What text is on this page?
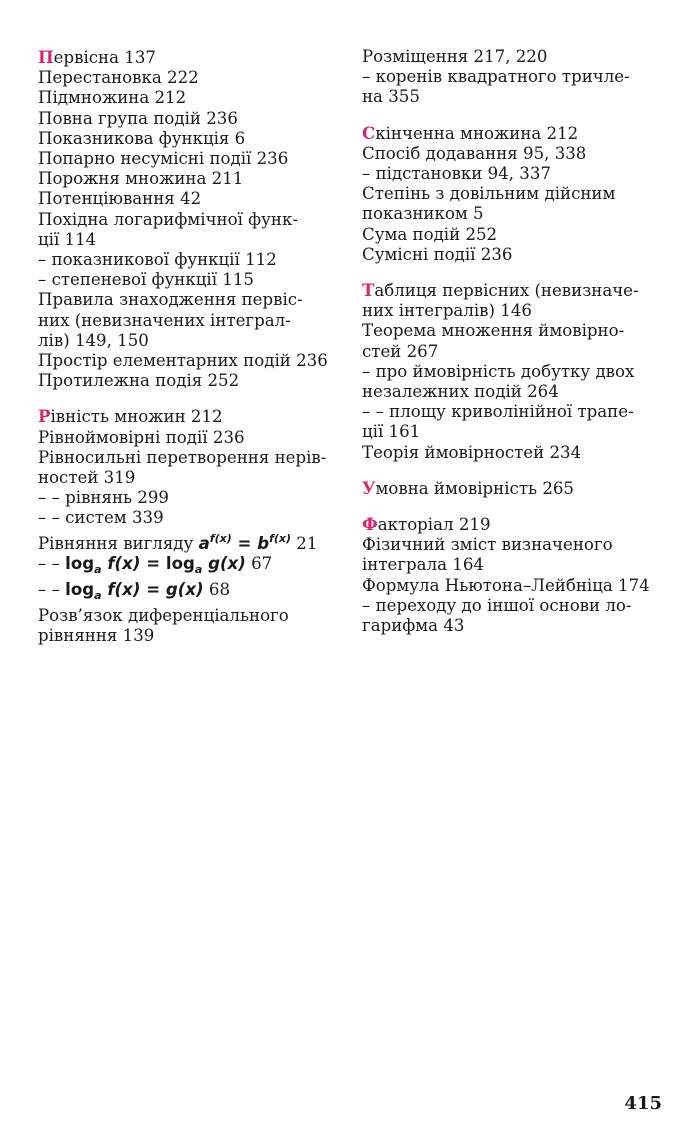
Первісна 137
Перестановка 222
Підмножина 212
Повна група подій 236
Показникова функція 6
Попарно несумісні події 236
Порожня множина 211
Потенціювання 42
Похідна логарифмічної функ-
ції 114
– показникової функції 112
– степеневої функції 115
Правила знаходження первіс-
них (невизначених інтеграл-
лів) 149, 150
Простір елементарних подій 236
Протилежна подія 252
Рівність множин 212
Рівноймовірні події 236
Рівносильні перетворення нерів-
ностей 319
– – рівнянь 299
– – систем 339
Рівняння вигляду $a^{f(x)} = b^{f(x)}$ 21
– – $\log_a f(x) = \log_a g(x)$ 67
– – $\log_a f(x) = g(x)$ 68
Розв’язок диференціального
рівняння 139
Розміщення 217, 220
– коренів квадратного тричле-
на 355
Скінченна множина 212
Спосіб додавання 95, 338
– підстановки 94, 337
Степінь з довільним дійсним
показником 5
Сума подій 252
Сумісні події 236
Таблиця первісних (невизначе-
них інтегралів) 146
Теорема множення ймовірно-
стей 267
– про ймовірність добутку двох
незалежних подій 264
– – площу криволінійної трапе-
ції 161
Теорія ймовірностей 234
Умовна ймовірність 265
Факторіал 219
Фізичний зміст визначеного
інтеграла 164
Формула Ньютона–Лейбніца 174
– переходу до іншої основи ло-
гарифма 43
415
